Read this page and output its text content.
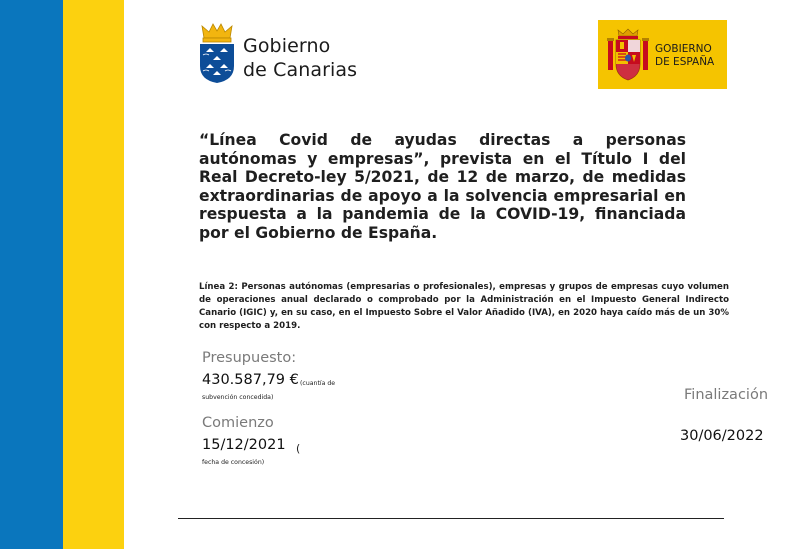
Gobierno
de Canarias
GOBIERNO
DE ESPAÑA
“Línea Covid de ayudas directas a personas autónomas y empresas”, prevista en el Título I del Real Decreto-ley 5/2021, de 12 de marzo, de medidas extraordinarias de apoyo a la solvencia empresarial en respuesta a la pandemia de la COVID-19, financiada por el Gobierno de España.
Línea 2: Personas autónomas (empresarias o profesionales), empresas y grupos de empresas cuyo volumen de operaciones anual declarado o comprobado por la Administración en el Impuesto General Indirecto Canario (IGIC) y, en su caso, en el Impuesto Sobre el Valor Añadido (IVA), en 2020 haya caído más de un 30% con respecto a 2019.
Presupuesto:
430.587,79 € (cuantía de
subvención concedida)
Comienzo
15/12/2021 (
fecha de concesión)
Finalización
30/06/2022
